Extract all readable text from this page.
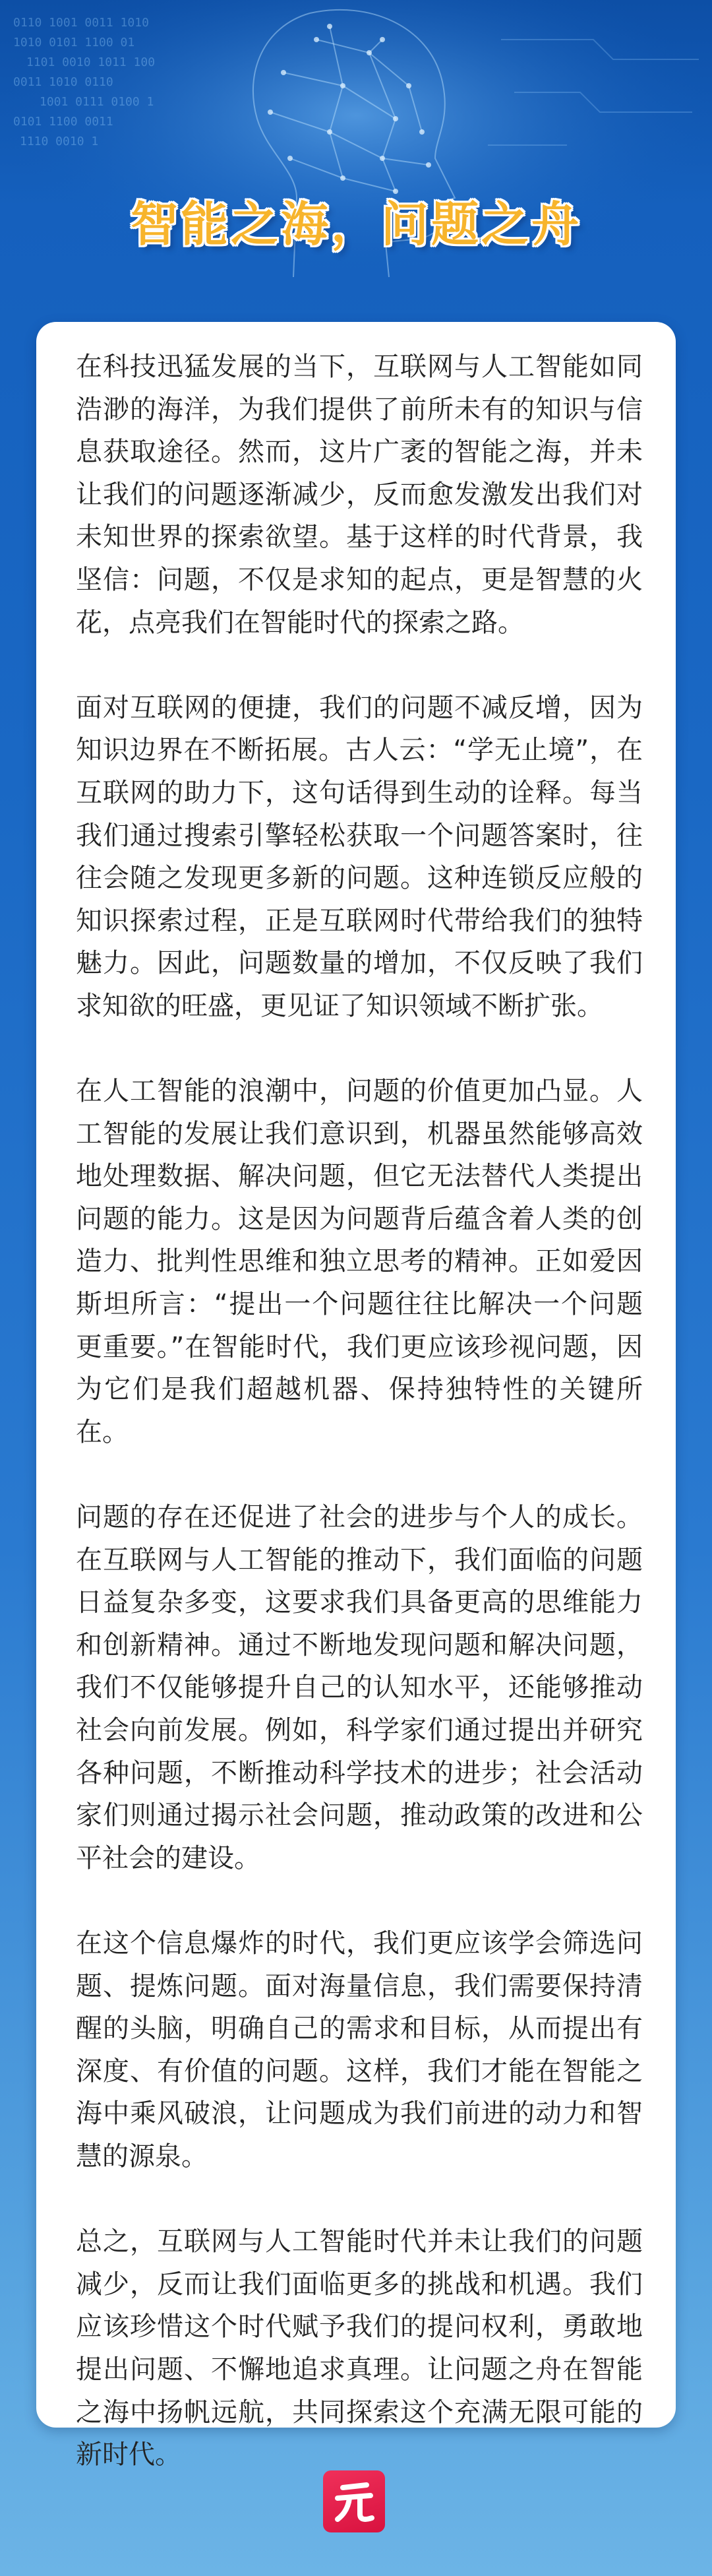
0110 1001 0011 1010
1010 0101 1100 01
1101 0010 1011 100
0011 1010 0110
1001 0111 0100 1
0101 1100 0011
1110 0010 1
智能之海，问题之舟

在科技迅猛发展的当下，互联网与人工智能如同浩渺的海洋，为我们提供了前所未有的知识与信息获取途径。然而，这片广袤的智能之海，并未让我们的问题逐渐减少，反而愈发激发出我们对未知世界的探索欲望。基于这样的时代背景，我坚信：问题，不仅是求知的起点，更是智慧的火花，点亮我们在智能时代的探索之路。

面对互联网的便捷，我们的问题不减反增，因为知识边界在不断拓展。古人云：“学无止境”，在互联网的助力下，这句话得到生动的诠释。每当我们通过搜索引擎轻松获取一个问题答案时，往往会随之发现更多新的问题。这种连锁反应般的知识探索过程，正是互联网时代带给我们的独特魅力。因此，问题数量的增加，不仅反映了我们求知欲的旺盛，更见证了知识领域不断扩张。

在人工智能的浪潮中，问题的价值更加凸显。人工智能的发展让我们意识到，机器虽然能够高效地处理数据、解决问题，但它无法替代人类提出问题的能力。这是因为问题背后蕴含着人类的创造力、批判性思维和独立思考的精神。正如爱因斯坦所言：“提出一个问题往往比解决一个问题更重要。”在智能时代，我们更应该珍视问题，因为它们是我们超越机器、保持独特性的关键所在。

问题的存在还促进了社会的进步与个人的成长。在互联网与人工智能的推动下，我们面临的问题日益复杂多变，这要求我们具备更高的思维能力和创新精神。通过不断地发现问题和解决问题，我们不仅能够提升自己的认知水平，还能够推动社会向前发展。例如，科学家们通过提出并研究各种问题，不断推动科学技术的进步；社会活动家们则通过揭示社会问题，推动政策的改进和公平社会的建设。

在这个信息爆炸的时代，我们更应该学会筛选问题、提炼问题。面对海量信息，我们需要保持清醒的头脑，明确自己的需求和目标，从而提出有深度、有价值的问题。这样，我们才能在智能之海中乘风破浪，让问题成为我们前进的动力和智慧的源泉。

总之，互联网与人工智能时代并未让我们的问题减少，反而让我们面临更多的挑战和机遇。我们应该珍惜这个时代赋予我们的提问权利，勇敢地提出问题、不懈地追求真理。让问题之舟在智能之海中扬帆远航，共同探索这个充满无限可能的新时代。
